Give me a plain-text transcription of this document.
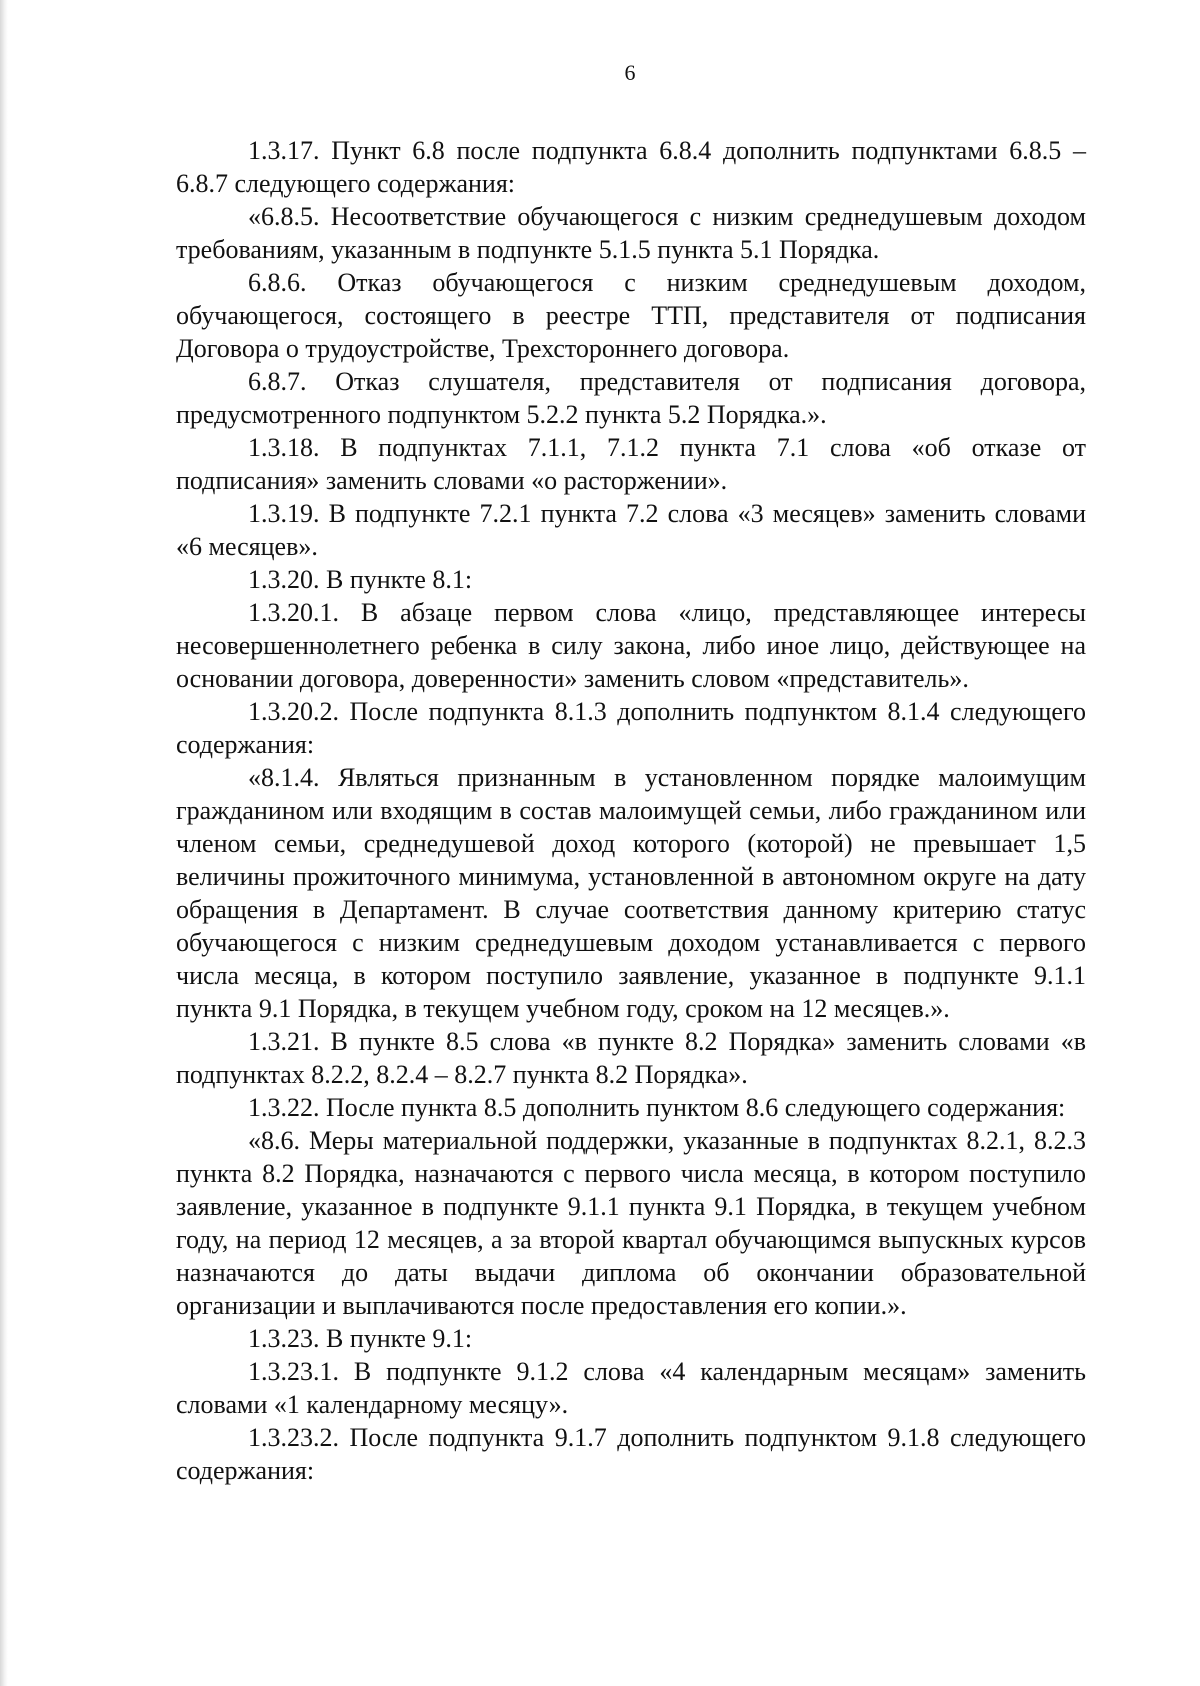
6

1.3.17. Пункт 6.8 после подпункта 6.8.4 дополнить подпунктами 6.8.5 – 6.8.7 следующего содержания:

«6.8.5. Несоответствие обучающегося с низким среднедушевым доходом требованиям, указанным в подпункте 5.1.5 пункта 5.1 Порядка.

6.8.6. Отказ обучающегося с низким среднедушевым доходом, обучающегося, состоящего в реестре ТТП, представителя от подписания Договора о трудоустройстве, Трехстороннего договора.

6.8.7. Отказ слушателя, представителя от подписания договора, предусмотренного подпунктом 5.2.2 пункта 5.2 Порядка.».

1.3.18. В подпунктах 7.1.1, 7.1.2 пункта 7.1 слова «об отказе от подписания» заменить словами «о расторжении».

1.3.19. В подпункте 7.2.1 пункта 7.2 слова «3 месяцев» заменить словами «6 месяцев».

1.3.20. В пункте 8.1:

1.3.20.1. В абзаце первом слова «лицо, представляющее интересы несовершеннолетнего ребенка в силу закона, либо иное лицо, действующее на основании договора, доверенности» заменить словом «представитель».

1.3.20.2. После подпункта 8.1.3 дополнить подпунктом 8.1.4 следующего содержания:

«8.1.4. Являться признанным в установленном порядке малоимущим гражданином или входящим в состав малоимущей семьи, либо гражданином или членом семьи, среднедушевой доход которого (которой) не превышает 1,5 величины прожиточного минимума, установленной в автономном округе на дату обращения в Департамент. В случае соответствия данному критерию статус обучающегося с низким среднедушевым доходом устанавливается с первого числа месяца, в котором поступило заявление, указанное в подпункте 9.1.1 пункта 9.1 Порядка, в текущем учебном году, сроком на 12 месяцев.».

1.3.21. В пункте 8.5 слова «в пункте 8.2 Порядка» заменить словами «в подпунктах 8.2.2, 8.2.4 – 8.2.7 пункта 8.2 Порядка».

1.3.22. После пункта 8.5 дополнить пунктом 8.6 следующего содержания:

«8.6. Меры материальной поддержки, указанные в подпунктах 8.2.1, 8.2.3 пункта 8.2 Порядка, назначаются с первого числа месяца, в котором поступило заявление, указанное в подпункте 9.1.1 пункта 9.1 Порядка, в текущем учебном году, на период 12 месяцев, а за второй квартал обучающимся выпускных курсов назначаются до даты выдачи диплома об окончании образовательной организации и выплачиваются после предоставления его копии.».

1.3.23. В пункте 9.1:

1.3.23.1. В подпункте 9.1.2 слова «4 календарным месяцам» заменить словами «1 календарному месяцу».

1.3.23.2. После подпункта 9.1.7 дополнить подпунктом 9.1.8 следующего содержания:
